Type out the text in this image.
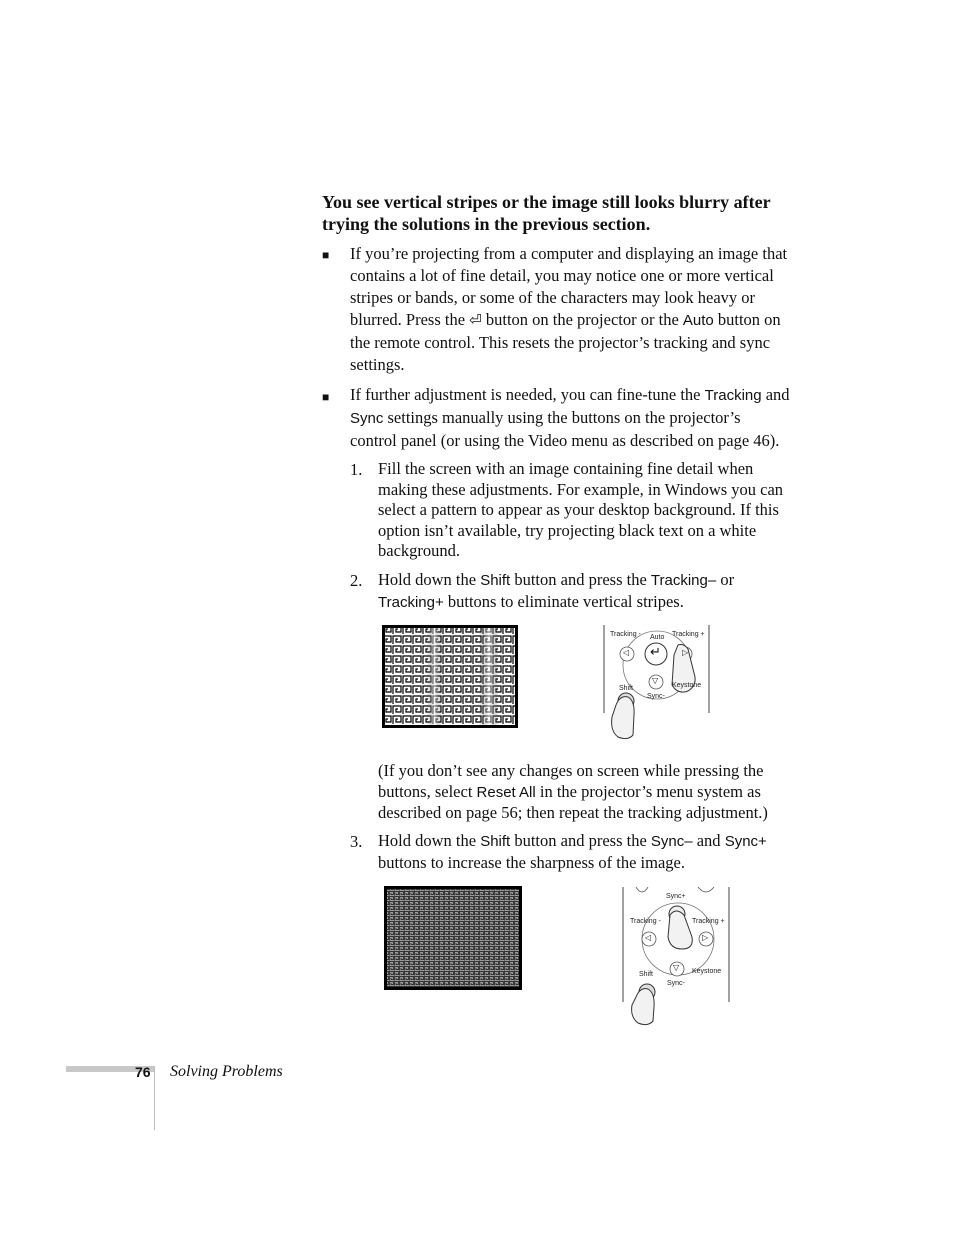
You see vertical stripes or the image still looks blurry after trying the solutions in the previous section.
■ If you’re projecting from a computer and displaying an image that contains a lot of fine detail, you may notice one or more vertical stripes or bands, or some of the characters may look heavy or blurred. Press the ⏎ button on the projector or the Auto button on the remote control. This resets the projector’s tracking and sync settings.
■ If further adjustment is needed, you can fine-tune the Tracking and Sync settings manually using the buttons on the projector’s control panel (or using the Video menu as described on page 46).
1. Fill the screen with an image containing fine detail when making these adjustments. For example, in Windows you can select a pattern to appear as your desktop background. If this option isn’t available, try projecting black text on a white background.
2. Hold down the Shift button and press the Tracking– or Tracking+ buttons to eliminate vertical stripes.
↵
◁	▷
▽
Tracking -	Tracking +
Auto
Shift
Sync-
Keystone
(If you don’t see any changes on screen while pressing the buttons, select Reset All in the projector’s menu system as described on page 56; then repeat the tracking adjustment.)
3. Hold down the Shift button and press the Sync– and Sync+ buttons to increase the sharpness of the image.
◁	▷
▽
Sync+
Tracking -	Tracking +
Shift
Sync-
Keystone
76 Solving Problems
